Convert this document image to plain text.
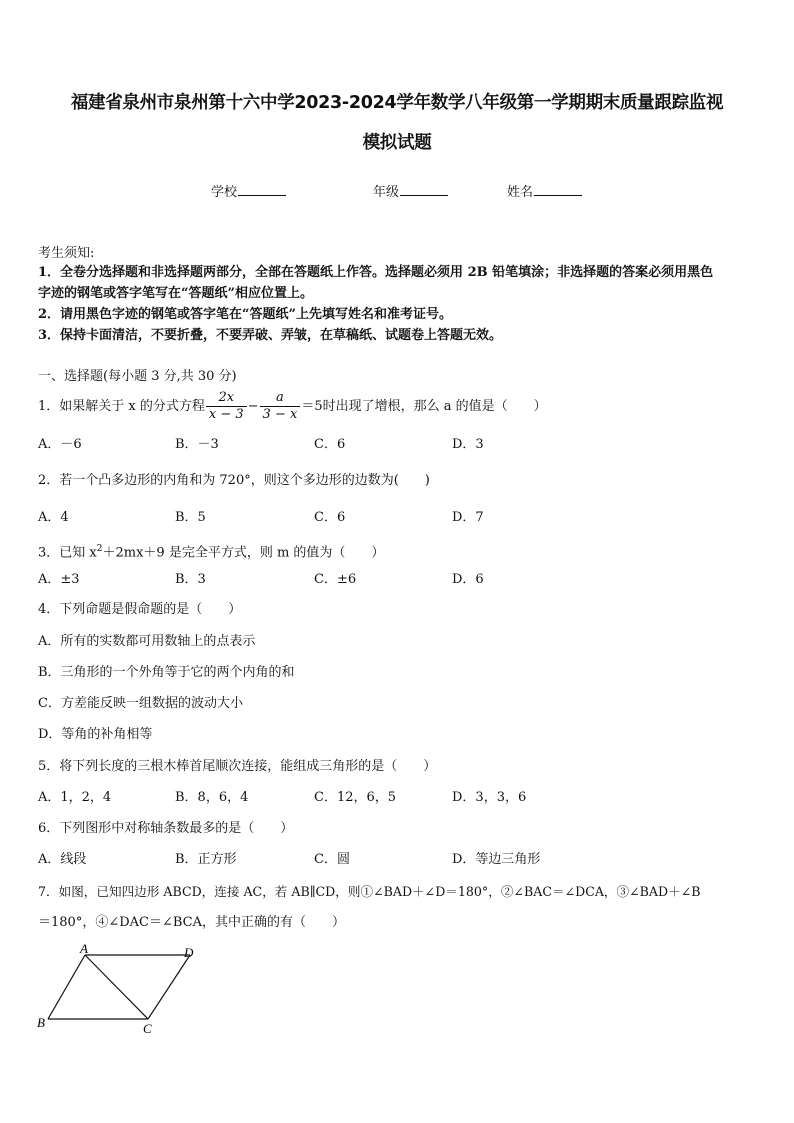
福建省泉州市泉州第十六中学2023-2024学年数学八年级第一学期期末质量跟踪监视
模拟试题
学校	年级	姓名
考生须知:
1．全卷分选择题和非选择题两部分，全部在答题纸上作答。选择题必须用 2B 铅笔填涂；非选择题的答案必须用黑色
字迹的钢笔或答字笔写在“答题纸”相应位置上。
2．请用黑色字迹的钢笔或答字笔在“答题纸”上先填写姓名和准考证号。
3．保持卡面清洁，不要折叠，不要弄破、弄皱，在草稿纸、试题卷上答题无效。
一、选择题(每小题 3 分,共 30 分)
1．如果解关于 x 的分式方程 $\frac{2x}{x - 3} - \frac{a}{3 - x} =5$时出现了增根，那么 a 的值是（　　）
A．－6	B．－3	C．6	D．3
2．若一个凸多边形的内角和为 720°，则这个多边形的边数为(　　)
A．4	B．5	C．6	D．7
3．已知 $x^2+2mx+9$ 是完全平方式，则 m 的值为（　　）
A．±3	B．3	C．±6	D．6
4．下列命题是假命题的是（　　）
A．所有的实数都可用数轴上的点表示
B．三角形的一个外角等于它的两个内角的和
C．方差能反映一组数据的波动大小
D．等角的补角相等
5．将下列长度的三根木棒首尾顺次连接，能组成三角形的是（　　）
A．1，2，4	B．8，6，4	C．12，6，5	D．3，3，6
6．下列图形中对称轴条数最多的是（　　）
A．线段	B．正方形	C．圆	D．等边三角形
7．如图，已知四边形 ABCD，连接 AC，若 AB∥CD，则①∠BAD＋∠D＝180°，②∠BAC＝∠DCA，③∠BAD＋∠B
＝180°，④∠DAC＝∠BCA，其中正确的有（　　）
A	D
B	C
